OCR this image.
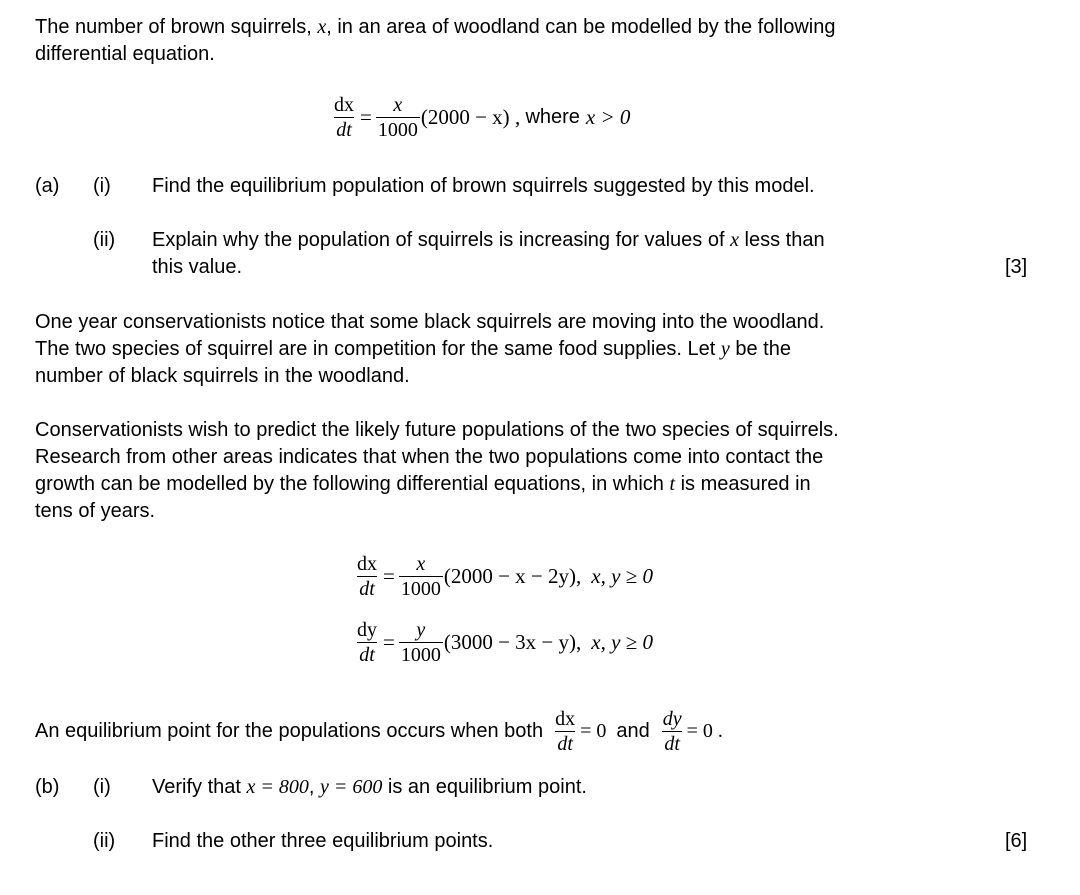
The number of brown squirrels, x, in an area of woodland can be modelled by the following
differential equation.
$\frac{dx}{dt} = \frac{x}{1000} (2000 - x)$ , where x > 0
(a) (i) Find the equilibrium population of brown squirrels suggested by this model.
(ii) Explain why the population of squirrels is increasing for values of x less than
this value.	[3]
One year conservationists notice that some black squirrels are moving into the woodland.
The two species of squirrel are in competition for the same food supplies. Let y be the
number of black squirrels in the woodland.
Conservationists wish to predict the likely future populations of the two species of squirrels.
Research from other areas indicates that when the two populations come into contact the
growth can be modelled by the following differential equations, in which t is measured in
tens of years.
$\frac{dx}{dt} = \frac{x}{1000} (2000 - x - 2y)$, x, y ≥ 0
$\frac{dy}{dt} = \frac{y}{1000} (3000 - 3x - y)$, x, y ≥ 0
An equilibrium point for the populations occurs when both $\frac{dx}{dt} = 0$ and $\frac{dy}{dt} = 0$ .
(b) (i) Verify that x = 800, y = 600 is an equilibrium point.
(ii) Find the other three equilibrium points.	[6]
